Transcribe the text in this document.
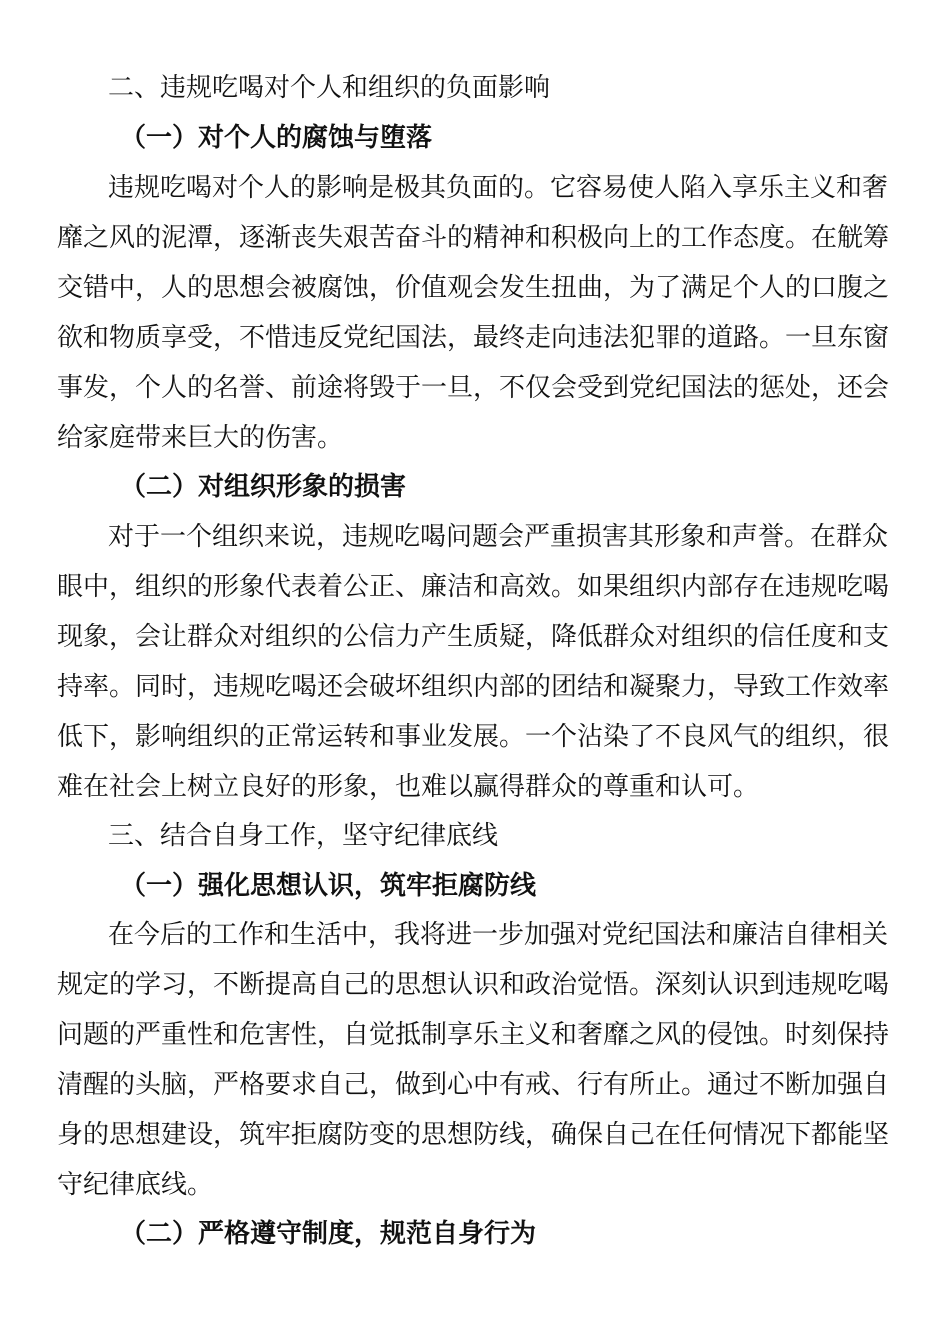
二、违规吃喝对个人和组织的负面影响
（一）对个人的腐蚀与堕落
违规吃喝对个人的影响是极其负面的。它容易使人陷入享乐主义和奢
靡之风的泥潭，逐渐丧失艰苦奋斗的精神和积极向上的工作态度。在觥筹
交错中，人的思想会被腐蚀，价值观会发生扭曲，为了满足个人的口腹之
欲和物质享受，不惜违反党纪国法，最终走向违法犯罪的道路。一旦东窗
事发，个人的名誉、前途将毁于一旦，不仅会受到党纪国法的惩处，还会
给家庭带来巨大的伤害。
（二）对组织形象的损害
对于一个组织来说，违规吃喝问题会严重损害其形象和声誉。在群众
眼中，组织的形象代表着公正、廉洁和高效。如果组织内部存在违规吃喝
现象，会让群众对组织的公信力产生质疑，降低群众对组织的信任度和支
持率。同时，违规吃喝还会破坏组织内部的团结和凝聚力，导致工作效率
低下，影响组织的正常运转和事业发展。一个沾染了不良风气的组织，很
难在社会上树立良好的形象，也难以赢得群众的尊重和认可。
三、结合自身工作，坚守纪律底线
（一）强化思想认识，筑牢拒腐防线
在今后的工作和生活中，我将进一步加强对党纪国法和廉洁自律相关
规定的学习，不断提高自己的思想认识和政治觉悟。深刻认识到违规吃喝
问题的严重性和危害性，自觉抵制享乐主义和奢靡之风的侵蚀。时刻保持
清醒的头脑，严格要求自己，做到心中有戒、行有所止。通过不断加强自
身的思想建设，筑牢拒腐防变的思想防线，确保自己在任何情况下都能坚
守纪律底线。
（二）严格遵守制度，规范自身行为
